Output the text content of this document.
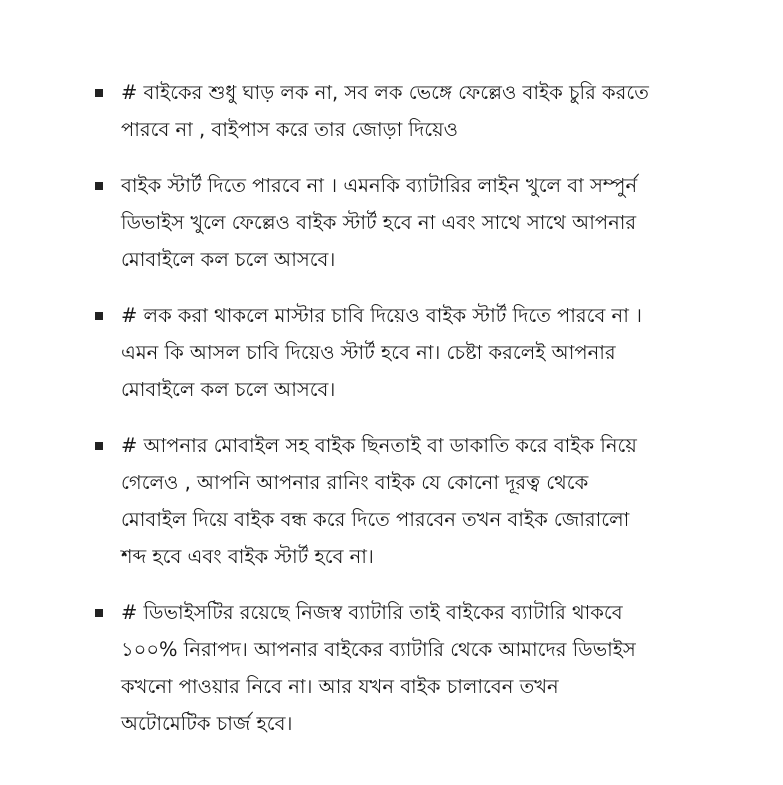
# বাইকের শুধু ঘাড় লক না, সব লক ভেঙ্গে ফেল্লেও বাইক চুরি করতে
পারবে না , বাইপাস করে তার জোড়া দিয়েও
বাইক স্টার্ট দিতে পারবে না । এমনকি ব্যাটারির লাইন খুলে বা সম্পুর্ন
ডিভাইস খুলে ফেল্লেও বাইক স্টার্ট হবে না এবং সাথে সাথে আপনার
মোবাইলে কল চলে আসবে।
# লক করা থাকলে মাস্টার চাবি দিয়েও বাইক স্টার্ট দিতে পারবে না ।
এমন কি আসল চাবি দিয়েও স্টার্ট হবে না। চেষ্টা করলেই আপনার
মোবাইলে কল চলে আসবে।
# আপনার মোবাইল সহ বাইক ছিনতাই বা ডাকাতি করে বাইক নিয়ে
গেলেও , আপনি আপনার রানিং বাইক যে কোনো দূরত্ব থেকে
মোবাইল দিয়ে বাইক বন্ধ করে দিতে পারবেন তখন বাইক জোরালো
শব্দ হবে এবং বাইক স্টার্ট হবে না।
# ডিভাইসটির রয়েছে নিজস্ব ব্যাটারি তাই বাইকের ব্যাটারি থাকবে
১০০% নিরাপদ। আপনার বাইকের ব্যাটারি থেকে আমাদের ডিভাইস
কখনো পাওয়ার নিবে না। আর যখন বাইক চালাবেন তখন
অটোমেটিক চার্জ হবে।
